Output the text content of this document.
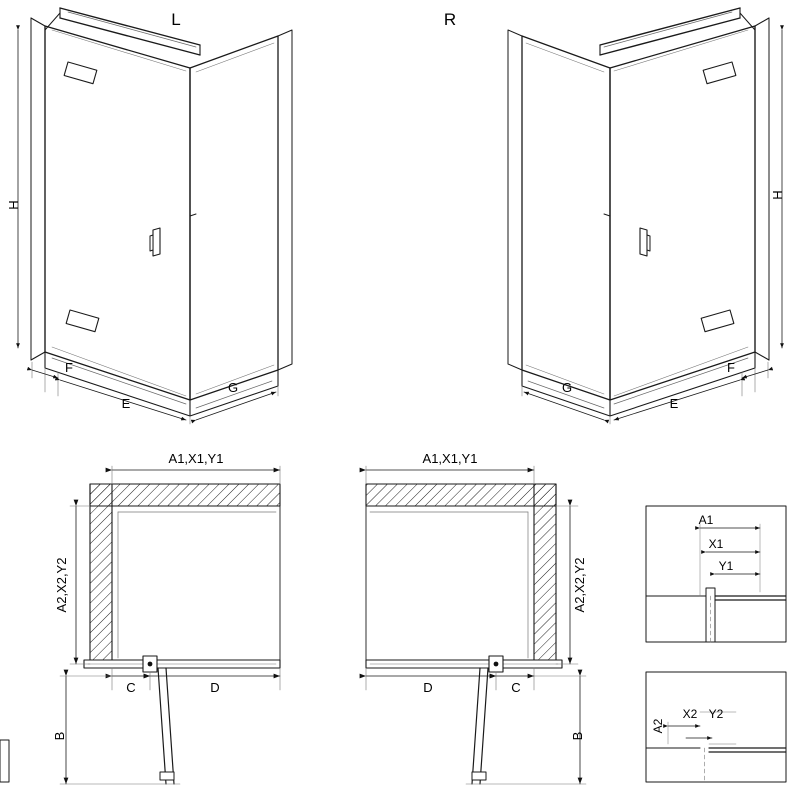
L	R
H
H
F
E
G
F
E
G
A1,X1,Y1
A2,X2,Y2
C	D
B
A1,X1,Y1
A2,X2,Y2
D	C
B
A1
X1
Y1
A2
X2 Y2
